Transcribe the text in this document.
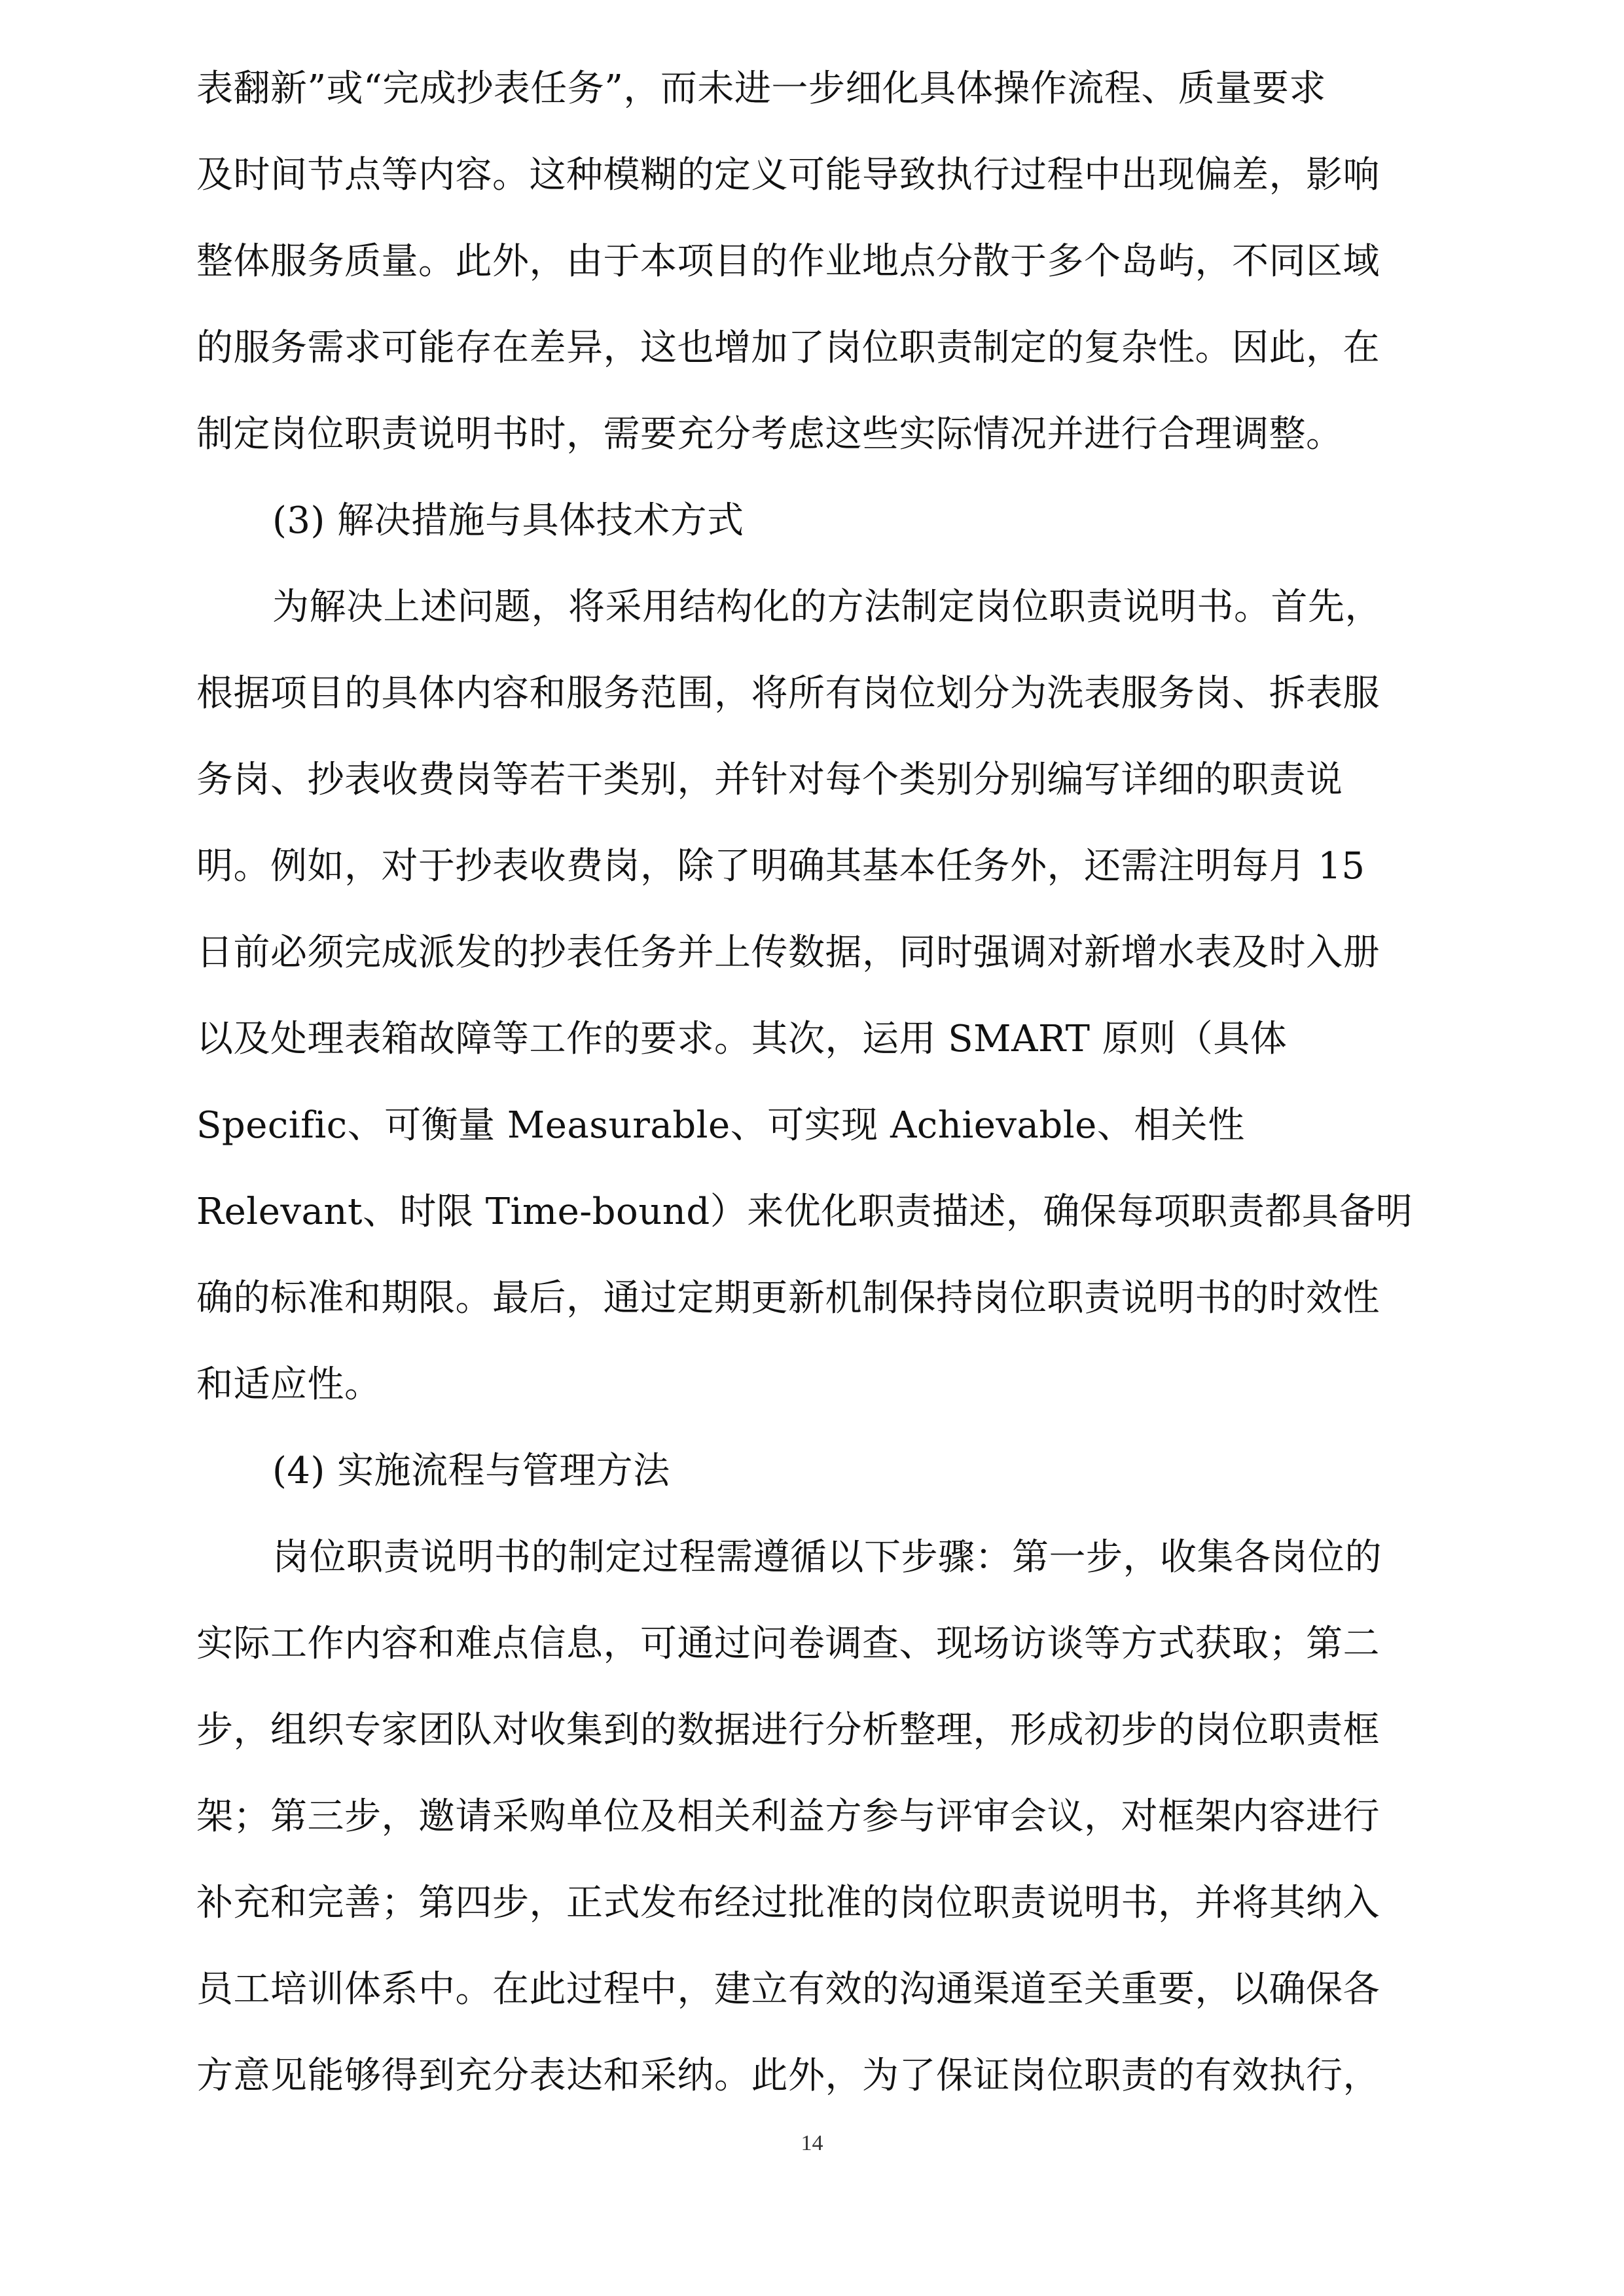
表翻新”或“完成抄表任务”，而未进一步细化具体操作流程、质量要求
及时间节点等内容。这种模糊的定义可能导致执行过程中出现偏差，影响
整体服务质量。此外，由于本项目的作业地点分散于多个岛屿，不同区域
的服务需求可能存在差异，这也增加了岗位职责制定的复杂性。因此，在
制定岗位职责说明书时，需要充分考虑这些实际情况并进行合理调整。
(3) 解决措施与具体技术方式
为解决上述问题，将采用结构化的方法制定岗位职责说明书。首先，
根据项目的具体内容和服务范围，将所有岗位划分为洗表服务岗、拆表服
务岗、抄表收费岗等若干类别，并针对每个类别分别编写详细的职责说
明。例如，对于抄表收费岗，除了明确其基本任务外，还需注明每月 15
日前必须完成派发的抄表任务并上传数据，同时强调对新增水表及时入册
以及处理表箱故障等工作的要求。其次，运用 SMART 原则（具体
Specific、可衡量 Measurable、可实现 Achievable、相关性
Relevant、时限 Time-bound）来优化职责描述，确保每项职责都具备明
确的标准和期限。最后，通过定期更新机制保持岗位职责说明书的时效性
和适应性。
(4) 实施流程与管理方法
岗位职责说明书的制定过程需遵循以下步骤：第一步，收集各岗位的
实际工作内容和难点信息，可通过问卷调查、现场访谈等方式获取；第二
步，组织专家团队对收集到的数据进行分析整理，形成初步的岗位职责框
架；第三步，邀请采购单位及相关利益方参与评审会议，对框架内容进行
补充和完善；第四步，正式发布经过批准的岗位职责说明书，并将其纳入
员工培训体系中。在此过程中，建立有效的沟通渠道至关重要，以确保各
方意见能够得到充分表达和采纳。此外，为了保证岗位职责的有效执行，
14
